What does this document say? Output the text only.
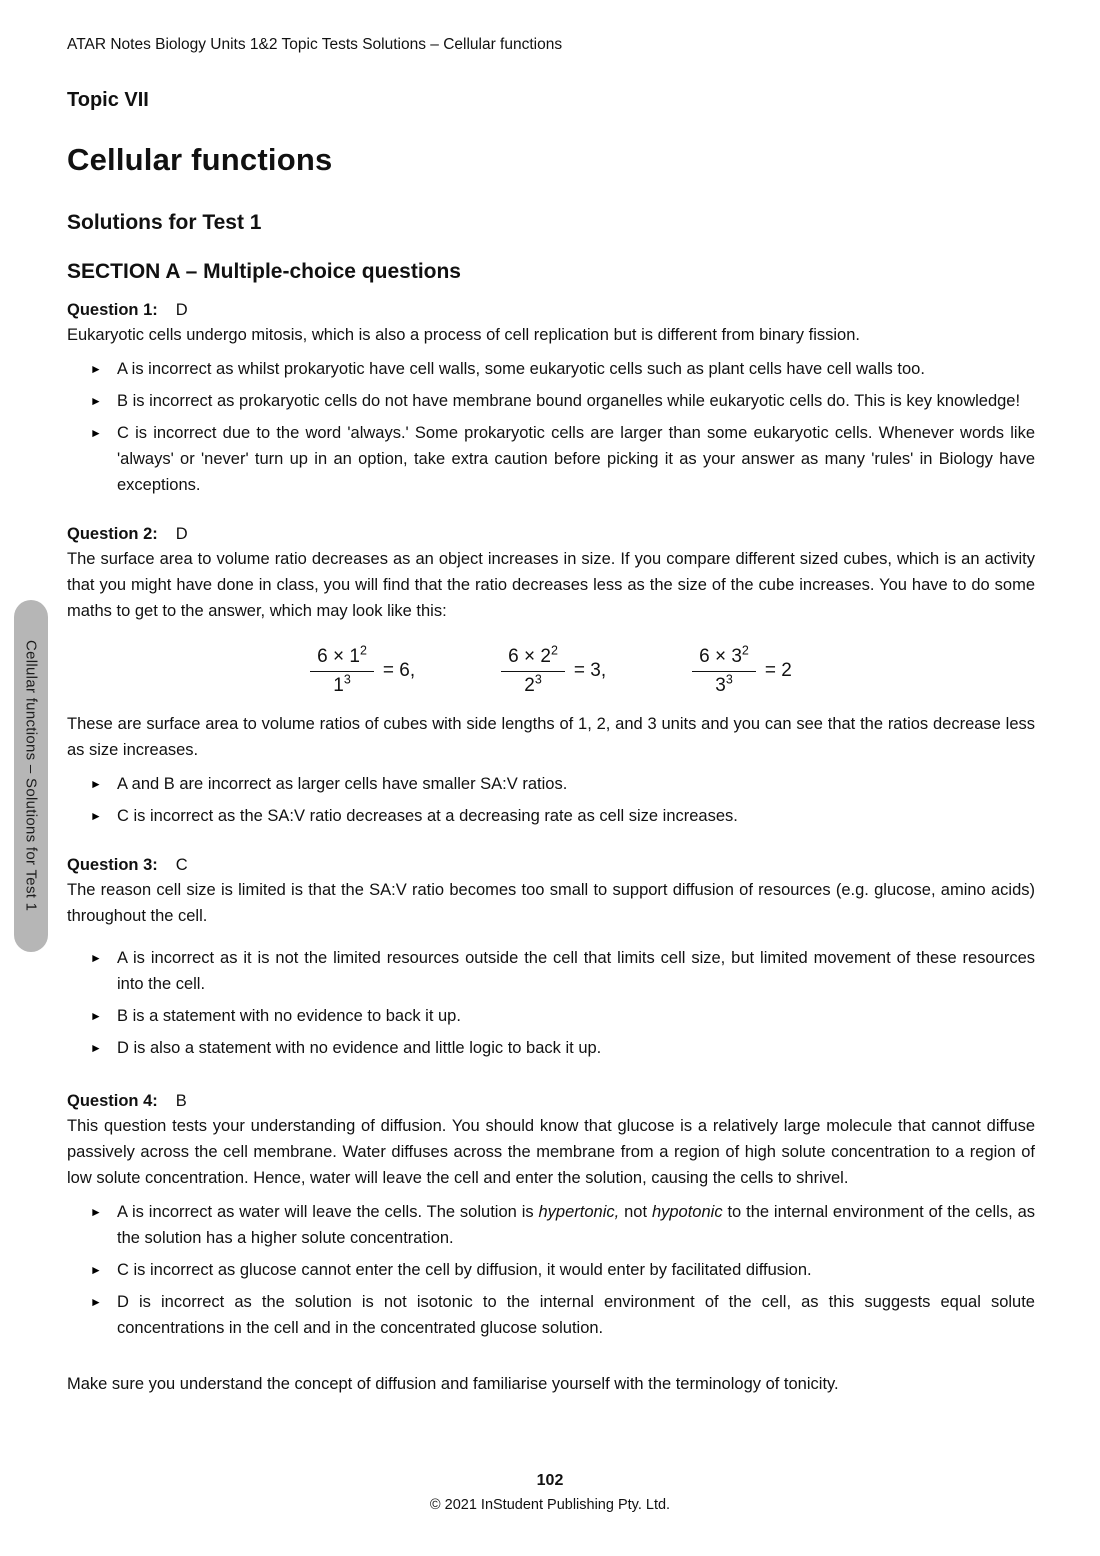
Cellular functions – Solutions for Test 1
ATAR Notes Biology Units 1&2 Topic Tests Solutions – Cellular functions
Topic VII
Cellular functions
Solutions for Test 1
SECTION A – Multiple-choice questions
Question 1: D

Eukaryotic cells undergo mitosis, which is also a process of cell replication but is different from binary fission.

► A is incorrect as whilst prokaryotic have cell walls, some eukaryotic cells such as plant cells have cell walls too.
► B is incorrect as prokaryotic cells do not have membrane bound organelles while eukaryotic cells do. This is key knowledge!
► C is incorrect due to the word 'always.' Some prokaryotic cells are larger than some eukaryotic cells. Whenever words like 'always' or 'never' turn up in an option, take extra caution before picking it as your answer as many 'rules' in Biology have exceptions.
Question 2: D

The surface area to volume ratio decreases as an object increases in size. If you compare different sized cubes, which is an activity that you might have done in class, you will find that the ratio decreases less as the size of the cube increases. You have to do some maths to get to the answer, which may look like this:

$\frac{6 \times 1^2}{1^3} = 6$,	$\frac{6 \times 2^2}{2^3} = 3$,	$\frac{6 \times 3^2}{3^3} = 2$

These are surface area to volume ratios of cubes with side lengths of 1, 2, and 3 units and you can see that the ratios decrease less as size increases.

► A and B are incorrect as larger cells have smaller SA:V ratios.
► C is incorrect as the SA:V ratio decreases at a decreasing rate as cell size increases.
Question 3: C

The reason cell size is limited is that the SA:V ratio becomes too small to support diffusion of resources (e.g. glucose, amino acids) throughout the cell.

► A is incorrect as it is not the limited resources outside the cell that limits cell size, but limited movement of these resources into the cell.
► B is a statement with no evidence to back it up.
► D is also a statement with no evidence and little logic to back it up.
Question 4: B

This question tests your understanding of diffusion. You should know that glucose is a relatively large molecule that cannot diffuse passively across the cell membrane. Water diffuses across the membrane from a region of high solute concentration to a region of low solute concentration. Hence, water will leave the cell and enter the solution, causing the cells to shrivel.

► A is incorrect as water will leave the cells. The solution is hypertonic, not hypotonic to the internal environment of the cells, as the solution has a higher solute concentration.
► C is incorrect as glucose cannot enter the cell by diffusion, it would enter by facilitated diffusion.
► D is incorrect as the solution is not isotonic to the internal environment of the cell, as this suggests equal solute concentrations in the cell and in the concentrated glucose solution.

Make sure you understand the concept of diffusion and familiarise yourself with the terminology of tonicity.

102
© 2021 InStudent Publishing Pty. Ltd.
